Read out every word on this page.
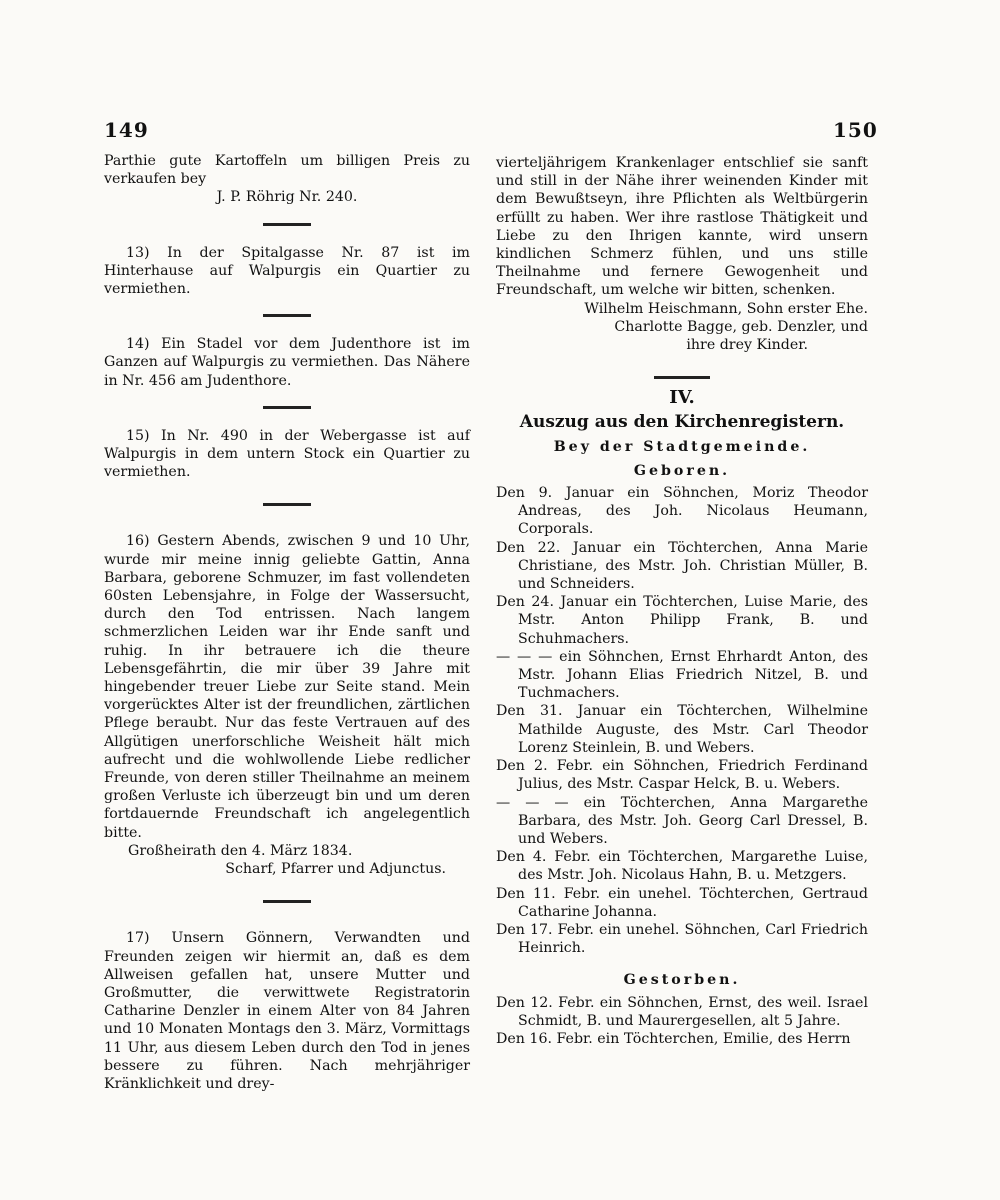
149	150

Parthie gute Kartoffeln um billigen Preis zu verkaufen bey

J. P. Röhrig Nr. 240.

13) In der Spitalgasse Nr. 87 ist im Hinterhause auf Walpurgis ein Quartier zu vermiethen.

14) Ein Stadel vor dem Judenthore ist im Ganzen auf Walpurgis zu vermiethen. Das Nähere in Nr. 456 am Judenthore.

15) In Nr. 490 in der Webergasse ist auf Walpurgis in dem untern Stock ein Quartier zu vermiethen.

16) Gestern Abends, zwischen 9 und 10 Uhr, wurde mir meine innig geliebte Gattin, Anna Barbara, geborene Schmuzer, im fast vollendeten 60sten Lebensjahre, in Folge der Wassersucht, durch den Tod entrissen. Nach langem schmerzlichen Leiden war ihr Ende sanft und ruhig. In ihr betrauere ich die theure Lebensgefährtin, die mir über 39 Jahre mit hingebender treuer Liebe zur Seite stand. Mein vorgerücktes Alter ist der freundlichen, zärtlichen Pflege beraubt. Nur das feste Vertrauen auf des Allgütigen unerforschliche Weisheit hält mich aufrecht und die wohlwollende Liebe redlicher Freunde, von deren stiller Theilnahme an meinem großen Verluste ich überzeugt bin und um deren fortdauernde Freundschaft ich angelegentlich bitte.

Großheirath den 4. März 1834.

Scharf, Pfarrer und Adjunctus.

17) Unsern Gönnern, Verwandten und Freunden zeigen wir hiermit an, daß es dem Allweisen gefallen hat, unsere Mutter und Großmutter, die verwittwete Registratorin Catharine Denzler in einem Alter von 84 Jahren und 10 Monaten Montags den 3. März, Vormittags 11 Uhr, aus diesem Leben durch den Tod in jenes bessere zu führen. Nach mehrjähriger Kränklichkeit und drey-

vierteljährigem Krankenlager entschlief sie sanft und still in der Nähe ihrer weinenden Kinder mit dem Bewußtseyn, ihre Pflichten als Weltbürgerin erfüllt zu haben. Wer ihre rastlose Thätigkeit und Liebe zu den Ihrigen kannte, wird unsern kindlichen Schmerz fühlen, und uns stille Theilnahme und fernere Gewogenheit und Freundschaft, um welche wir bitten, schenken.

Wilhelm Heischmann, Sohn erster Ehe.

Charlotte Bagge, geb. Denzler, und

ihre drey Kinder.

IV.
Auszug aus den Kirchenregistern.
Bey der Stadtgemeinde.
Geboren.

Den 9. Januar ein Söhnchen, Moriz Theodor Andreas, des Joh. Nicolaus Heumann, Corporals.

Den 22. Januar ein Töchterchen, Anna Marie Christiane, des Mstr. Joh. Christian Müller, B. und Schneiders.

Den 24. Januar ein Töchterchen, Luise Marie, des Mstr. Anton Philipp Frank, B. und Schuhmachers.

— — — ein Söhnchen, Ernst Ehrhardt Anton, des Mstr. Johann Elias Friedrich Nitzel, B. und Tuchmachers.

Den 31. Januar ein Töchterchen, Wilhelmine Mathilde Auguste, des Mstr. Carl Theodor Lorenz Steinlein, B. und Webers.

Den 2. Febr. ein Söhnchen, Friedrich Ferdinand Julius, des Mstr. Caspar Helck, B. u. Webers.

— — — ein Töchterchen, Anna Margarethe Barbara, des Mstr. Joh. Georg Carl Dressel, B. und Webers.

Den 4. Febr. ein Töchterchen, Margarethe Luise, des Mstr. Joh. Nicolaus Hahn, B. u. Metzgers.

Den 11. Febr. ein unehel. Töchterchen, Gertraud Catharine Johanna.

Den 17. Febr. ein unehel. Söhnchen, Carl Friedrich Heinrich.

Gestorben.

Den 12. Febr. ein Söhnchen, Ernst, des weil. Israel Schmidt, B. und Maurergesellen, alt 5 Jahre.

Den 16. Febr. ein Töchterchen, Emilie, des Herrn
